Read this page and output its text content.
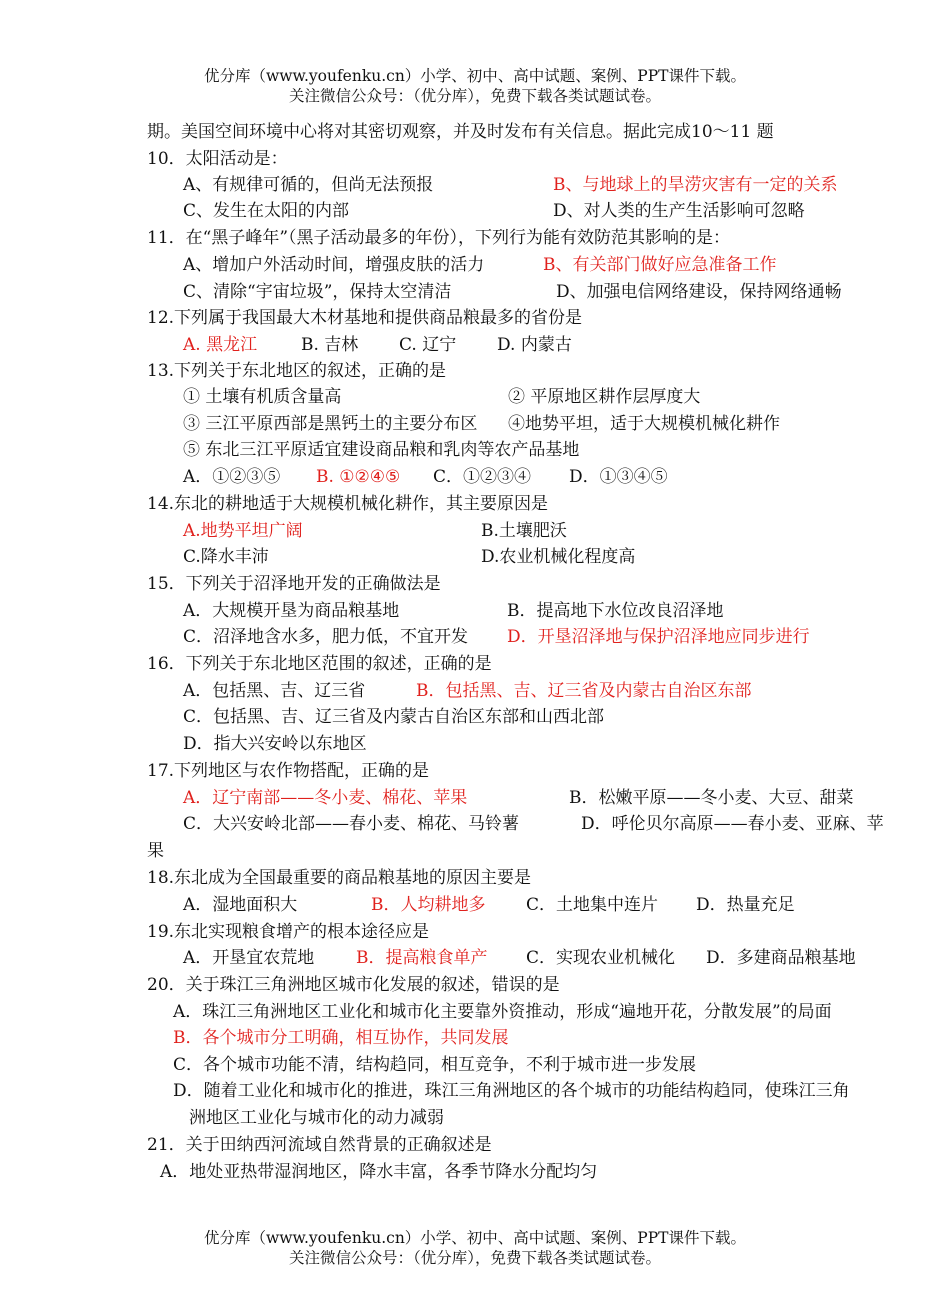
优分库（www.youfenku.cn）小学、初中、高中试题、案例、PPT课件下载。
关注微信公众号：（优分库），免费下载各类试题试卷。
期。美国空间环境中心将对其密切观察，并及时发布有关信息。据此完成10～11 题
10．太阳活动是：
A、有规律可循的，但尚无法预报	B、与地球上的旱涝灾害有一定的关系
C、发生在太阳的内部	D、对人类的生产生活影响可忽略
11．在“黑子峰年”（黑子活动最多的年份），下列行为能有效防范其影响的是：
A、增加户外活动时间，增强皮肤的活力	B、有关部门做好应急准备工作
C、清除“宇宙垃圾”，保持太空清洁	D、加强电信网络建设，保持网络通畅
12.下列属于我国最大木材基地和提供商品粮最多的省份是
A. 黑龙江	B. 吉林 C. 辽宁 D. 内蒙古
13.下列关于东北地区的叙述，正确的是
① 土壤有机质含量高	② 平原地区耕作层厚度大
③ 三江平原西部是黑钙土的主要分布区 ④地势平坦，适于大规模机械化耕作
⑤ 东北三江平原适宜建设商品粮和乳肉等农产品基地
A．①②③⑤ B. ①②④⑤ C．①②③④ D．①③④⑤
14.东北的耕地适于大规模机械化耕作，其主要原因是
A.地势平坦广阔	B.土壤肥沃
C.降水丰沛	D.农业机械化程度高
15．下列关于沼泽地开发的正确做法是
A．大规模开垦为商品粮基地	B．提高地下水位改良沼泽地
C．沼泽地含水多，肥力低，不宜开发 D．开垦沼泽地与保护沼泽地应同步进行
16．下列关于东北地区范围的叙述，正确的是
A．包括黑、吉、辽三省	B．包括黑、吉、辽三省及内蒙古自治区东部
C．包括黑、吉、辽三省及内蒙古自治区东部和山西北部
D．指大兴安岭以东地区
17.下列地区与农作物搭配，正确的是
A．辽宁南部——冬小麦、棉花、苹果	B．松嫩平原——冬小麦、大豆、甜菜
C．大兴安岭北部——春小麦、棉花、马铃薯	D．呼伦贝尔高原——春小麦、亚麻、苹
果
18.东北成为全国最重要的商品粮基地的原因主要是
A．湿地面积大	B．人均耕地多 C．土地集中连片 D．热量充足
19.东北实现粮食增产的根本途径应是
A．开垦宜农荒地 B．提高粮食单产 C．实现农业机械化 D．多建商品粮基地
20．关于珠江三角洲地区城市化发展的叙述，错误的是
A．珠江三角洲地区工业化和城市化主要靠外资推动，形成“遍地开花，分散发展”的局面
B．各个城市分工明确，相互协作，共同发展
C．各个城市功能不清，结构趋同，相互竞争，不利于城市进一步发展
D．随着工业化和城市化的推进，珠江三角洲地区的各个城市的功能结构趋同，使珠江三角
洲地区工业化与城市化的动力减弱
21．关于田纳西河流域自然背景的正确叙述是
A．地处亚热带湿润地区，降水丰富，各季节降水分配均匀
优分库（www.youfenku.cn）小学、初中、高中试题、案例、PPT课件下载。
关注微信公众号：（优分库），免费下载各类试题试卷。
